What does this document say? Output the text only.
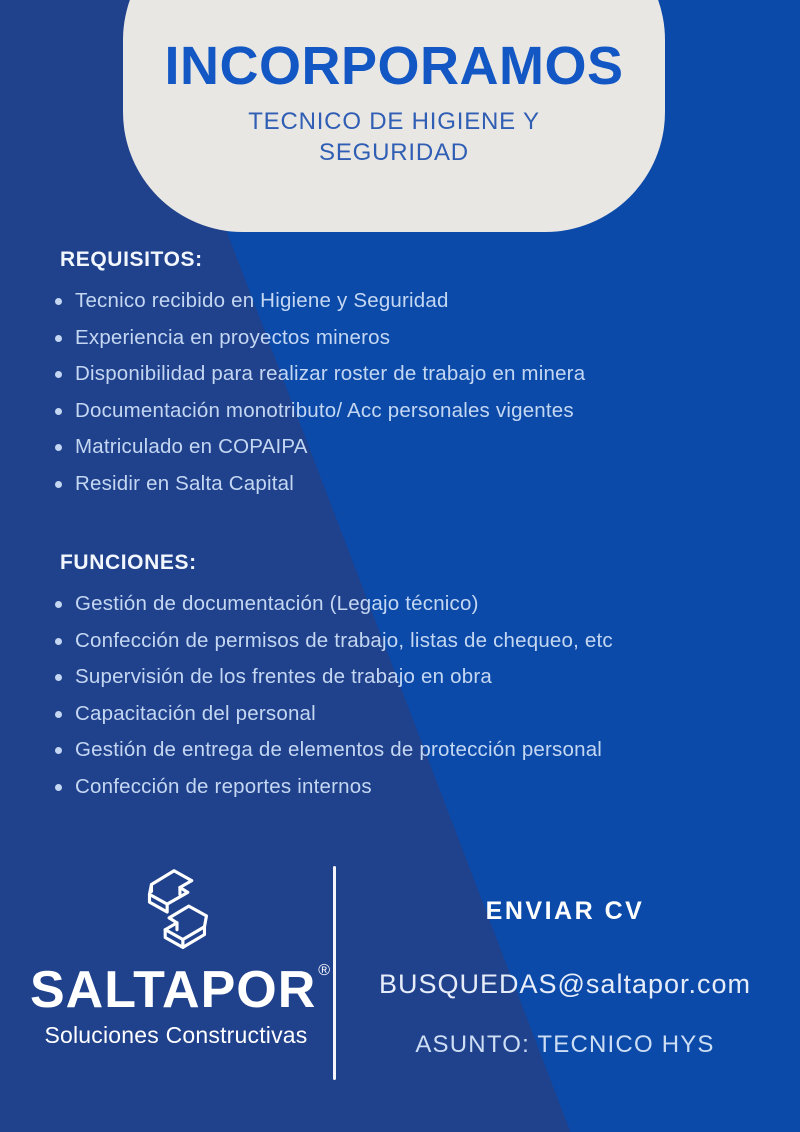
INCORPORAMOS
TECNICO DE HIGIENE Y SEGURIDAD
REQUISITOS:
Tecnico recibido en Higiene y Seguridad
Experiencia en proyectos mineros
Disponibilidad para realizar roster de trabajo en minera
Documentación monotributo/ Acc personales vigentes
Matriculado en COPAIPA
Residir en Salta Capital
FUNCIONES:
Gestión de documentación (Legajo técnico)
Confección de permisos de trabajo, listas de chequeo, etc
Supervisión de los frentes de trabajo en obra
Capacitación del personal
Gestión de entrega de elementos de protección personal
Confección de reportes internos
SALTAPOR ®
Soluciones Constructivas
ENVIAR CV
BUSQUEDAS@saltapor.com
ASUNTO: TECNICO HYS
